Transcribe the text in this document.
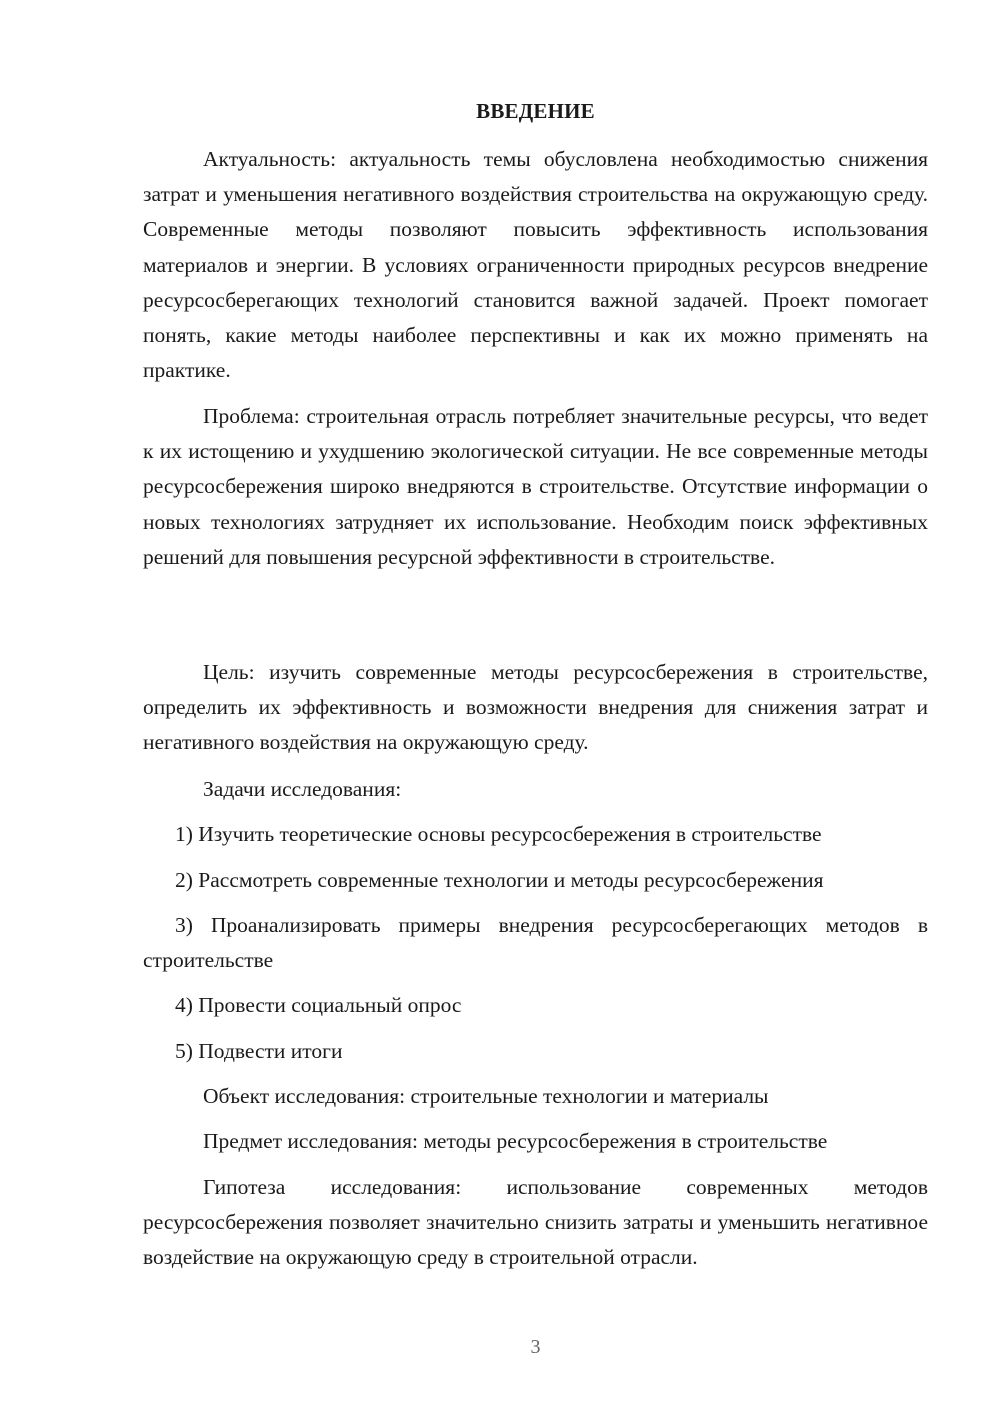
ВВЕДЕНИЕ

Актуальность: актуальность темы обусловлена необходимостью снижения затрат и уменьшения негативного воздействия строительства на окружающую среду. Современные методы позволяют повысить эффективность использования материалов и энергии. В условиях ограниченности природных ресурсов внедрение ресурсосберегающих технологий становится важной задачей. Проект помогает понять, какие методы наиболее перспективны и как их можно применять на практике.

Проблема: строительная отрасль потребляет значительные ресурсы, что ведет к их истощению и ухудшению экологической ситуации. Не все современные методы ресурсосбережения широко внедряются в строительстве. Отсутствие информации о новых технологиях затрудняет их использование. Необходим поиск эффективных решений для повышения ресурсной эффективности в строительстве.

Цель: изучить современные методы ресурсосбережения в строительстве, определить их эффективность и возможности внедрения для снижения затрат и негативного воздействия на окружающую среду.

Задачи исследования:

1) Изучить теоретические основы ресурсосбережения в строительстве

2) Рассмотреть современные технологии и методы ресурсосбережения

3) Проанализировать примеры внедрения ресурсосберегающих методов в строительстве

4) Провести социальный опрос

5) Подвести итоги

Объект исследования: строительные технологии и материалы

Предмет исследования: методы ресурсосбережения в строительстве

Гипотеза исследования: использование современных методов ресурсосбережения позволяет значительно снизить затраты и уменьшить негативное воздействие на окружающую среду в строительной отрасли.

3
